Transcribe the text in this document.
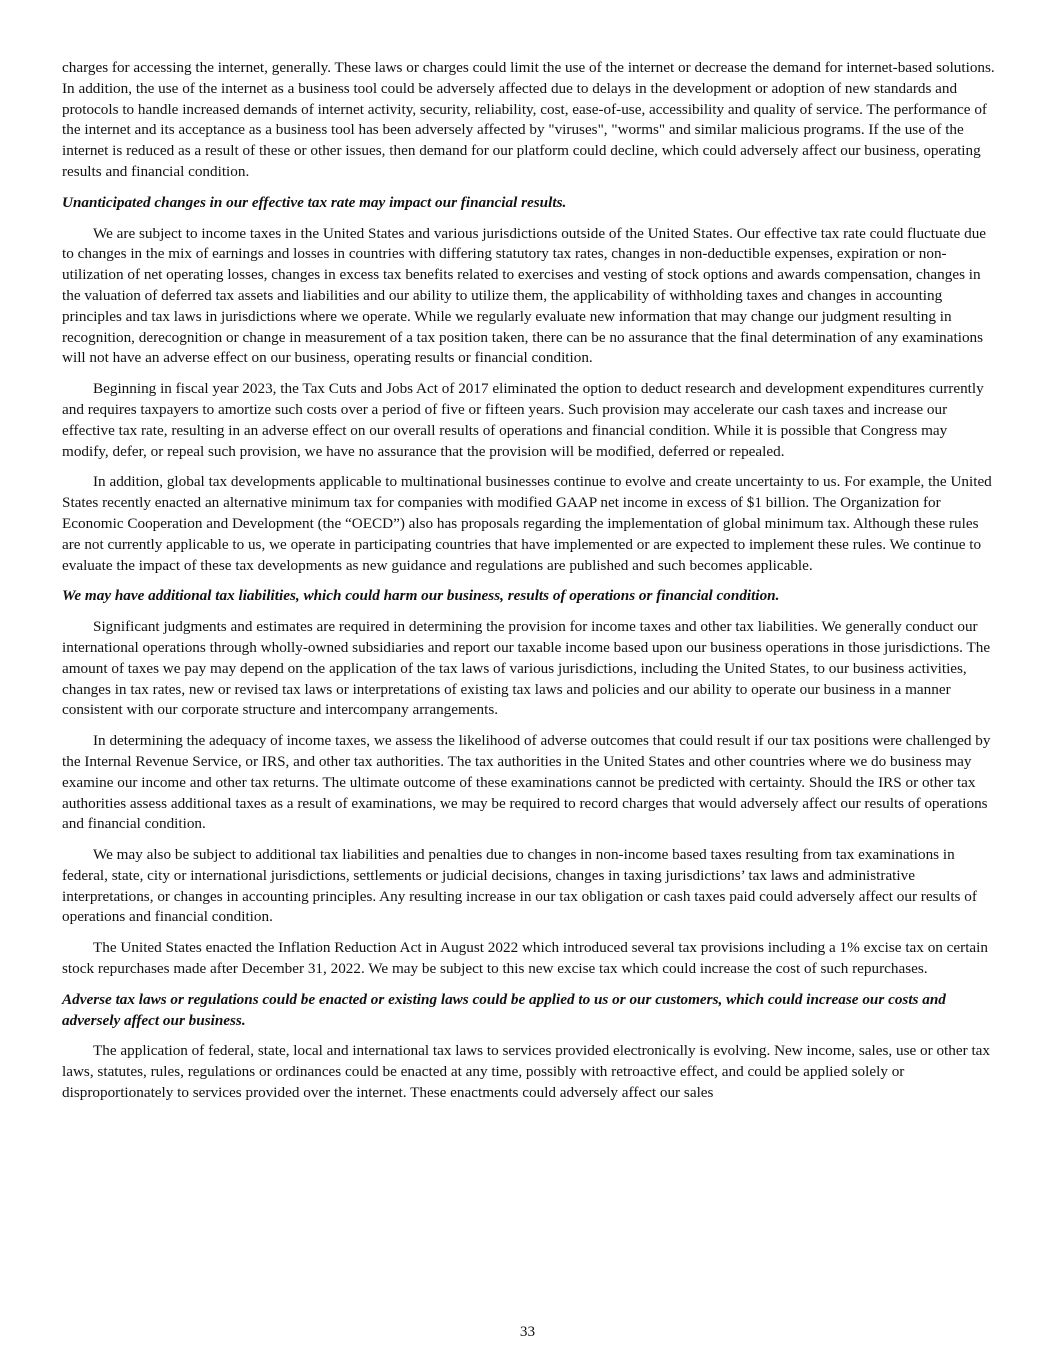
charges for accessing the internet, generally. These laws or charges could limit the use of the internet or decrease the demand for internet-based solutions. In addition, the use of the internet as a business tool could be adversely affected due to delays in the development or adoption of new standards and protocols to handle increased demands of internet activity, security, reliability, cost, ease-of-use, accessibility and quality of service. The performance of the internet and its acceptance as a business tool has been adversely affected by "viruses", "worms" and similar malicious programs. If the use of the internet is reduced as a result of these or other issues, then demand for our platform could decline, which could adversely affect our business, operating results and financial condition.

Unanticipated changes in our effective tax rate may impact our financial results.

We are subject to income taxes in the United States and various jurisdictions outside of the United States. Our effective tax rate could fluctuate due to changes in the mix of earnings and losses in countries with differing statutory tax rates, changes in non-deductible expenses, expiration or non-utilization of net operating losses, changes in excess tax benefits related to exercises and vesting of stock options and awards compensation, changes in the valuation of deferred tax assets and liabilities and our ability to utilize them, the applicability of withholding taxes and changes in accounting principles and tax laws in jurisdictions where we operate. While we regularly evaluate new information that may change our judgment resulting in recognition, derecognition or change in measurement of a tax position taken, there can be no assurance that the final determination of any examinations will not have an adverse effect on our business, operating results or financial condition.

Beginning in fiscal year 2023, the Tax Cuts and Jobs Act of 2017 eliminated the option to deduct research and development expenditures currently and requires taxpayers to amortize such costs over a period of five or fifteen years. Such provision may accelerate our cash taxes and increase our effective tax rate, resulting in an adverse effect on our overall results of operations and financial condition. While it is possible that Congress may modify, defer, or repeal such provision, we have no assurance that the provision will be modified, deferred or repealed.

In addition, global tax developments applicable to multinational businesses continue to evolve and create uncertainty to us. For example, the United States recently enacted an alternative minimum tax for companies with modified GAAP net income in excess of $1 billion. The Organization for Economic Cooperation and Development (the “OECD”) also has proposals regarding the implementation of global minimum tax. Although these rules are not currently applicable to us, we operate in participating countries that have implemented or are expected to implement these rules. We continue to evaluate the impact of these tax developments as new guidance and regulations are published and such becomes applicable.

We may have additional tax liabilities, which could harm our business, results of operations or financial condition.

Significant judgments and estimates are required in determining the provision for income taxes and other tax liabilities. We generally conduct our international operations through wholly-owned subsidiaries and report our taxable income based upon our business operations in those jurisdictions. The amount of taxes we pay may depend on the application of the tax laws of various jurisdictions, including the United States, to our business activities, changes in tax rates, new or revised tax laws or interpretations of existing tax laws and policies and our ability to operate our business in a manner consistent with our corporate structure and intercompany arrangements.

In determining the adequacy of income taxes, we assess the likelihood of adverse outcomes that could result if our tax positions were challenged by the Internal Revenue Service, or IRS, and other tax authorities. The tax authorities in the United States and other countries where we do business may examine our income and other tax returns. The ultimate outcome of these examinations cannot be predicted with certainty. Should the IRS or other tax authorities assess additional taxes as a result of examinations, we may be required to record charges that would adversely affect our results of operations and financial condition.

We may also be subject to additional tax liabilities and penalties due to changes in non-income based taxes resulting from tax examinations in federal, state, city or international jurisdictions, settlements or judicial decisions, changes in taxing jurisdictions’ tax laws and administrative interpretations, or changes in accounting principles. Any resulting increase in our tax obligation or cash taxes paid could adversely affect our results of operations and financial condition.

The United States enacted the Inflation Reduction Act in August 2022 which introduced several tax provisions including a 1% excise tax on certain stock repurchases made after December 31, 2022. We may be subject to this new excise tax which could increase the cost of such repurchases.

Adverse tax laws or regulations could be enacted or existing laws could be applied to us or our customers, which could increase our costs and adversely affect our business.

The application of federal, state, local and international tax laws to services provided electronically is evolving. New income, sales, use or other tax laws, statutes, rules, regulations or ordinances could be enacted at any time, possibly with retroactive effect, and could be applied solely or disproportionately to services provided over the internet. These enactments could adversely affect our sales

33
